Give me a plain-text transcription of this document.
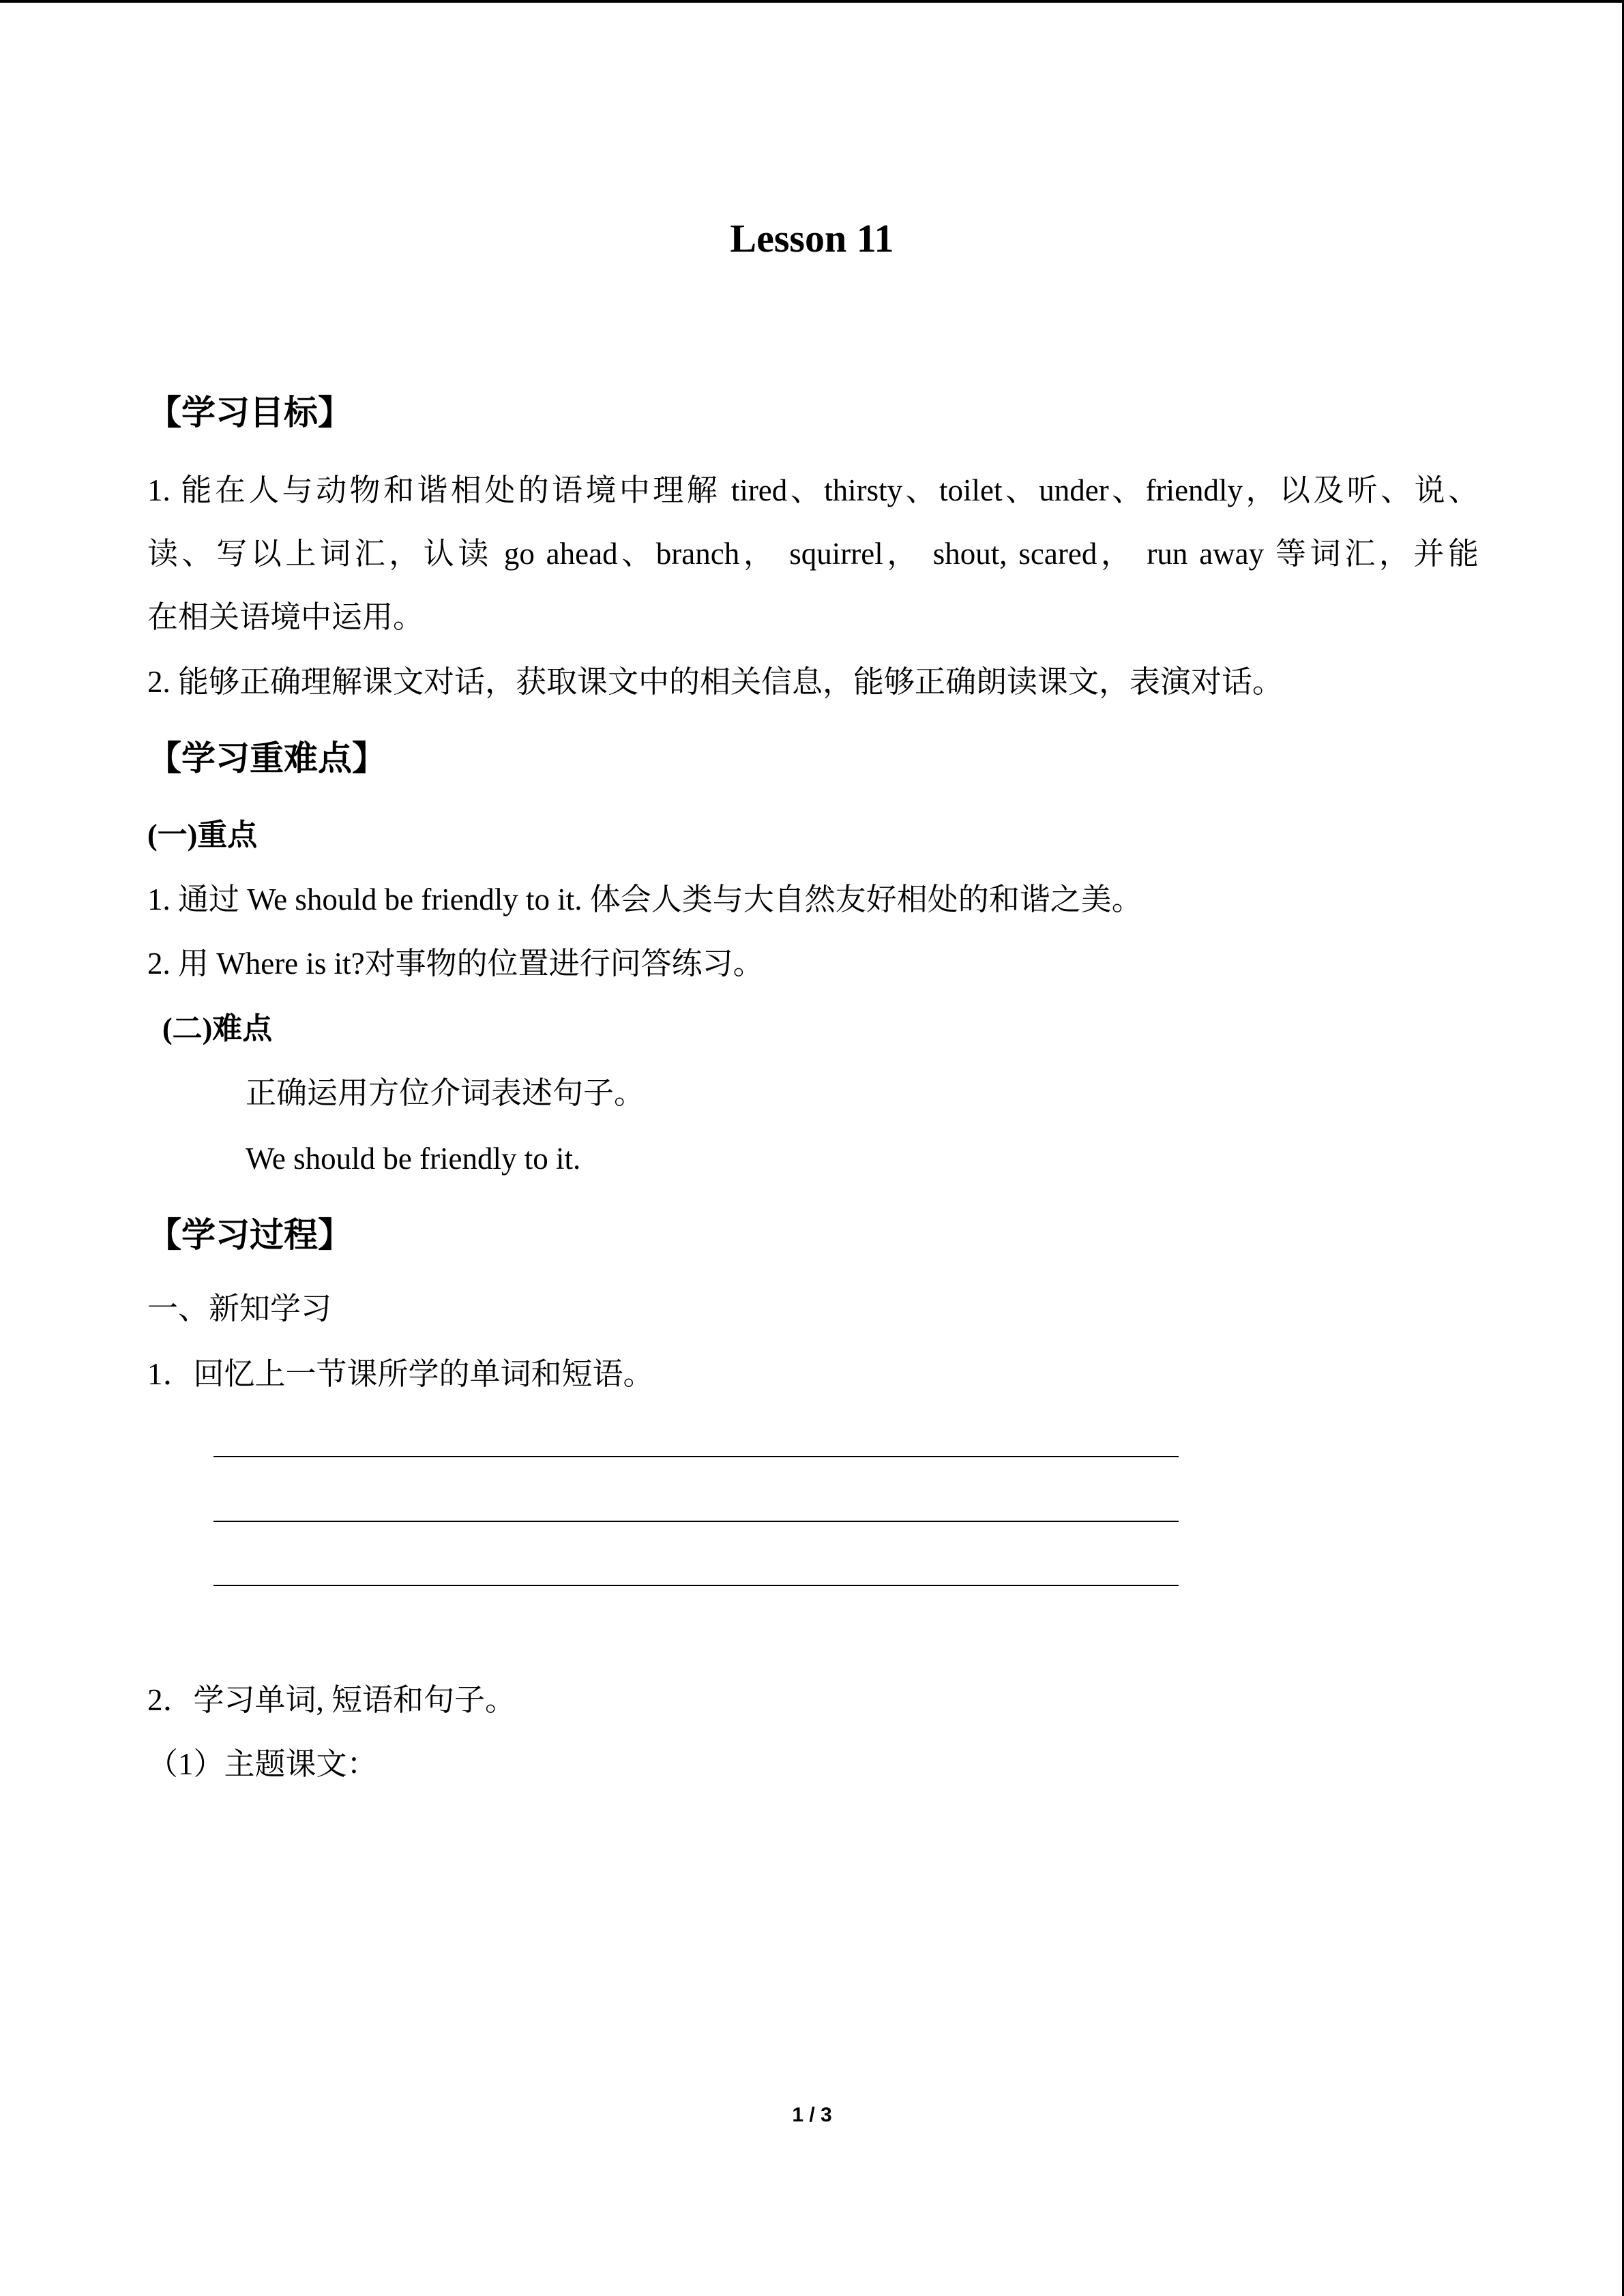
Lesson 11
【学习目标】
1. 能在人与动物和谐相处的语境中理解 tired、thirsty、toilet、under、friendly，以及听、说、
读、写以上词汇，认读 go ahead、branch， squirrel， shout, scared， run away 等词汇，并能
在相关语境中运用。
2. 能够正确理解课文对话，获取课文中的相关信息，能够正确朗读课文，表演对话。
【学习重难点】
(一)重点
1. 通过 We should be friendly to it. 体会人类与大自然友好相处的和谐之美。
2. 用 Where is it?对事物的位置进行问答练习。
(二)难点
正确运用方位介词表述句子。
We should be friendly to it.
【学习过程】
一、新知学习
1．回忆上一节课所学的单词和短语。
2．学习单词, 短语和句子。
（1）主题课文：
1 / 3
